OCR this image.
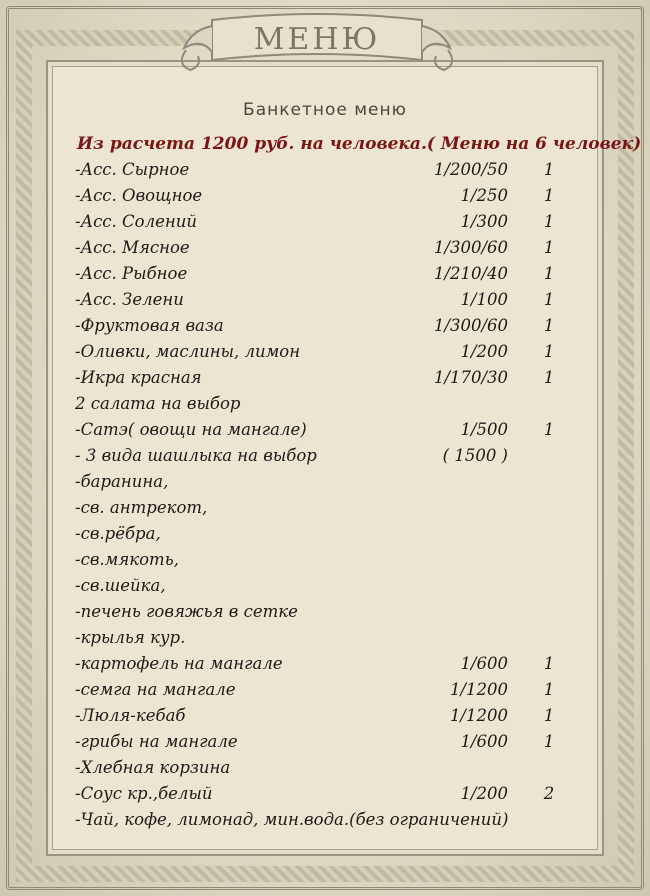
МЕНЮ
Банкетное меню
Из расчета 1200 руб. на человека.( Меню на 6 человек)
-Асс. Сырное	1/200/50 1
-Асс. Овощное	1/250 1
-Асс. Солений	1/300 1
-Асс. Мясное	1/300/60 1
-Асс. Рыбное	1/210/40 1
-Асс. Зелени	1/100 1
-Фруктовая ваза	1/300/60 1
-Оливки, маслины, лимон	1/200 1
-Икра красная	1/170/30 1
2 салата на выбор
-Сатэ( овощи на мангале)	1/500 1
- 3 вида шашлыка на выбор	( 1500 )
-баранина,
-св. антрекот,
-св.рёбра,
-св.мякоть,
-св.шейка,
-печень говяжья в сетке
-крылья кур.
-картофель на мангале	1/600 1
-семга на мангале	1/1200 1
-Люля-кебаб	1/1200 1
-грибы на мангале	1/600 1
-Хлебная корзина
-Соус кр.,белый	1/200 2
-Чай, кофе, лимонад, мин.вода.(без ограничений)
